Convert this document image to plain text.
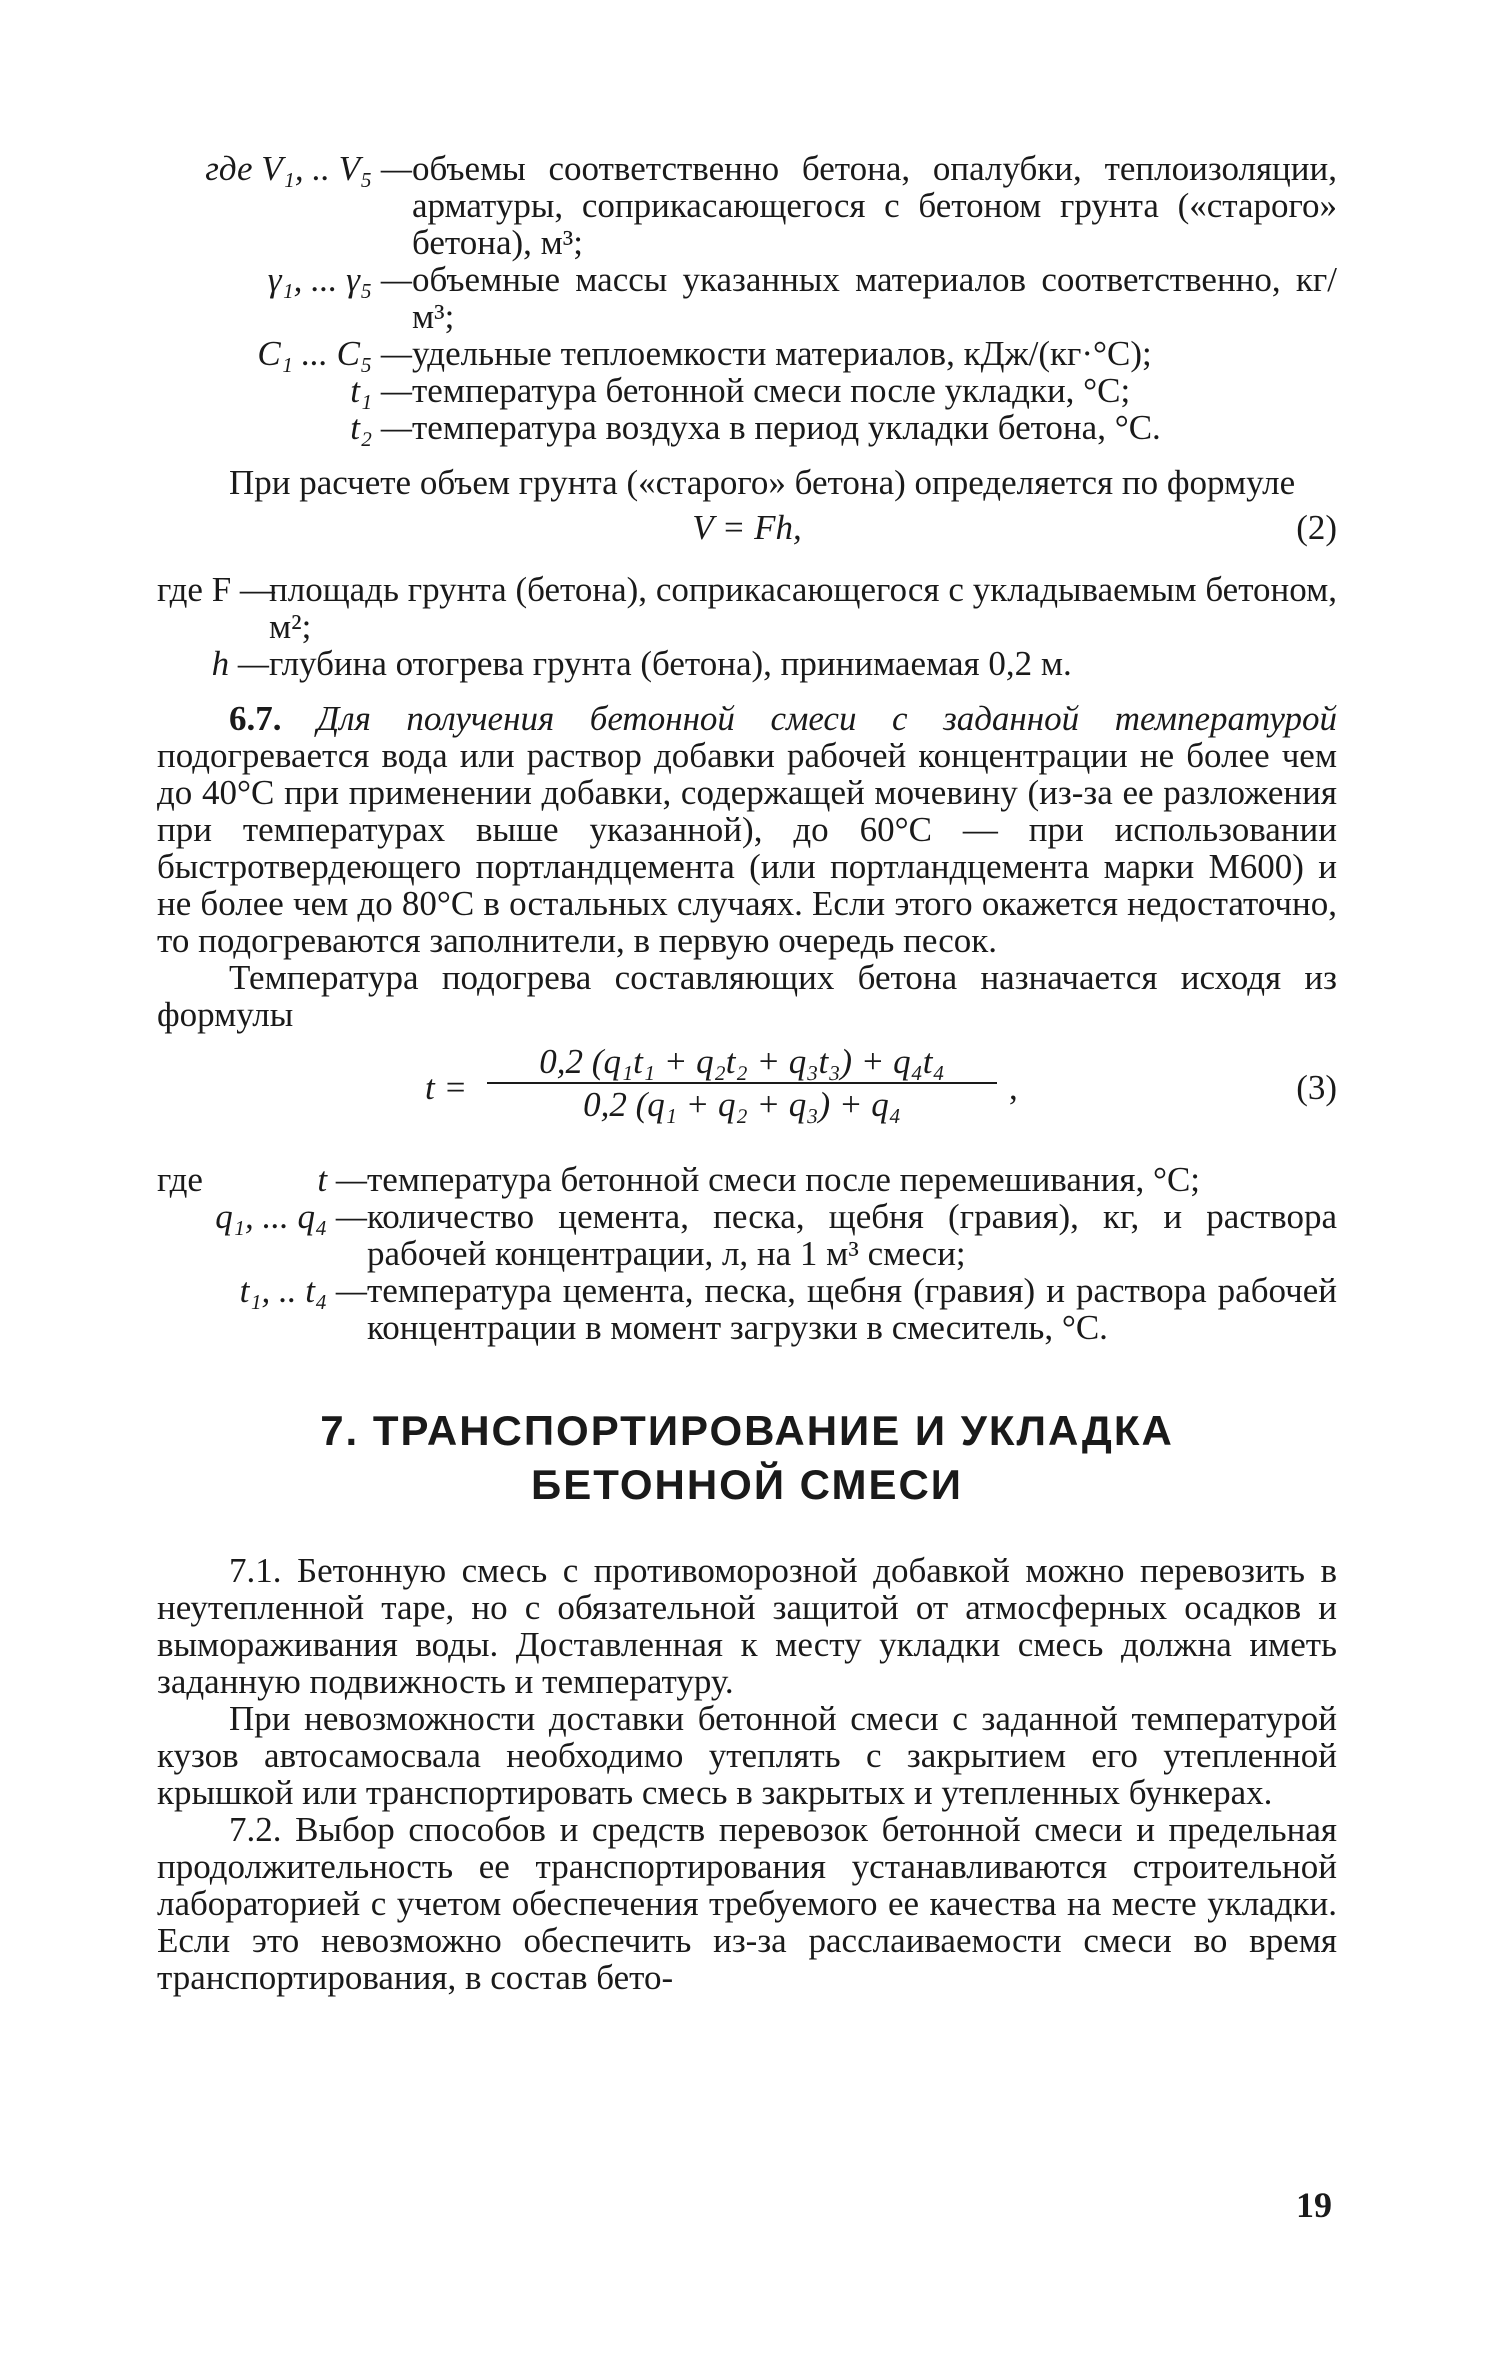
где V₁, .. V₅ — объемы соответственно бетона, опалубки, теплоизоляции, арматуры, соприкасающегося с бетоном грунта («старого» бетона), м³;
γ₁, ... γ₅ — объемные массы указанных материалов соответственно, кг/м³;
C₁ ... C₅ — удельные теплоемкости материалов, кДж/(кг·°C);
t₁ — температура бетонной смеси после укладки, °C;
t₂ — температура воздуха в период укладки бетона, °C.

При расчете объем грунта («старого» бетона) определяется по формуле

V = Fh,	(2)
где F —
площадь грунта (бетона), соприкасающегося с укладываемым бетоном, м²;
h — глубина отогрева грунта (бетона), принимаемая 0,2 м.

6.7. Для получения бетонной смеси с заданной температурой подогревается вода или раствор добавки рабочей концентрации не более чем до 40°C при применении добавки, содержащей мочевину (из-за ее разложения при температурах выше указанной), до 60°C — при использовании быстротвердеющего портландцемента (или портландцемента марки М600) и не более чем до 80°C в остальных случаях. Если этого окажется недостаточно, то подогреваются заполнители, в первую очередь песок.

Температура подогрева составляющих бетона назначается исходя из формулы

$t = \frac{\text{0,2 (q₁t₁ + q₂t₂ + q₃t₃) + q₄t₄}}{\text{0,2 (q₁ + q₂ + q₃) + q₄}}$ ,	(3)
где	t — температура бетонной смеси после перемешивания, °C;
q₁, ... q₄ — количество цемента, песка, щебня (гравия), кг, и раствора рабочей концентрации, л, на 1 м³ смеси;
t₁, .. t₄ — температура цемента, песка, щебня (гравия) и раствора рабочей концентрации в момент загрузки в смеситель, °C.
7. ТРАНСПОРТИРОВАНИЕ И УКЛАДКА
БЕТОННОЙ СМЕСИ

7.1. Бетонную смесь с противоморозной добавкой можно перевозить в неутепленной таре, но с обязательной защитой от атмосферных осадков и вымораживания воды. Доставленная к месту укладки смесь должна иметь заданную подвижность и температуру.

При невозможности доставки бетонной смеси с заданной температурой кузов автосамосвала необходимо утеплять с закрытием его утепленной крышкой или транспортировать смесь в закрытых и утепленных бункерах.

7.2. Выбор способов и средств перевозок бетонной смеси и предельная продолжительность ее транспортирования устанавливаются строительной лабораторией с учетом обеспечения требуемого ее качества на месте укладки. Если это невозможно обеспечить из-за расслаиваемости смеси во время транспортирования, в состав бето-

19
